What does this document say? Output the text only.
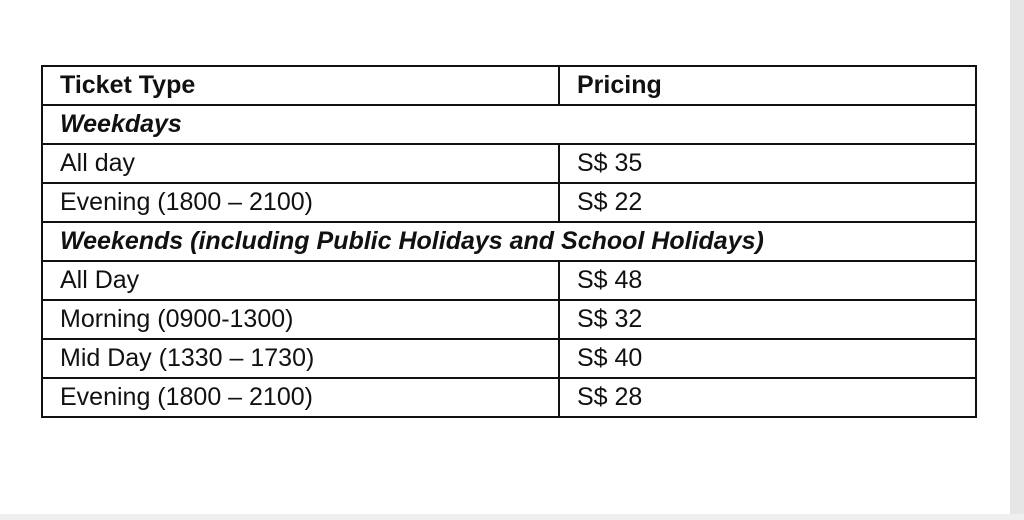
Ticket Type	Pricing
Weekdays	
All day	S$ 35
Evening (1800 – 2100)	S$ 22
Weekends (including Public Holidays and School Holidays)	
All Day	S$ 48
Morning (0900-1300)	S$ 32
Mid Day (1330 – 1730)	S$ 40
Evening (1800 – 2100)	S$ 28
